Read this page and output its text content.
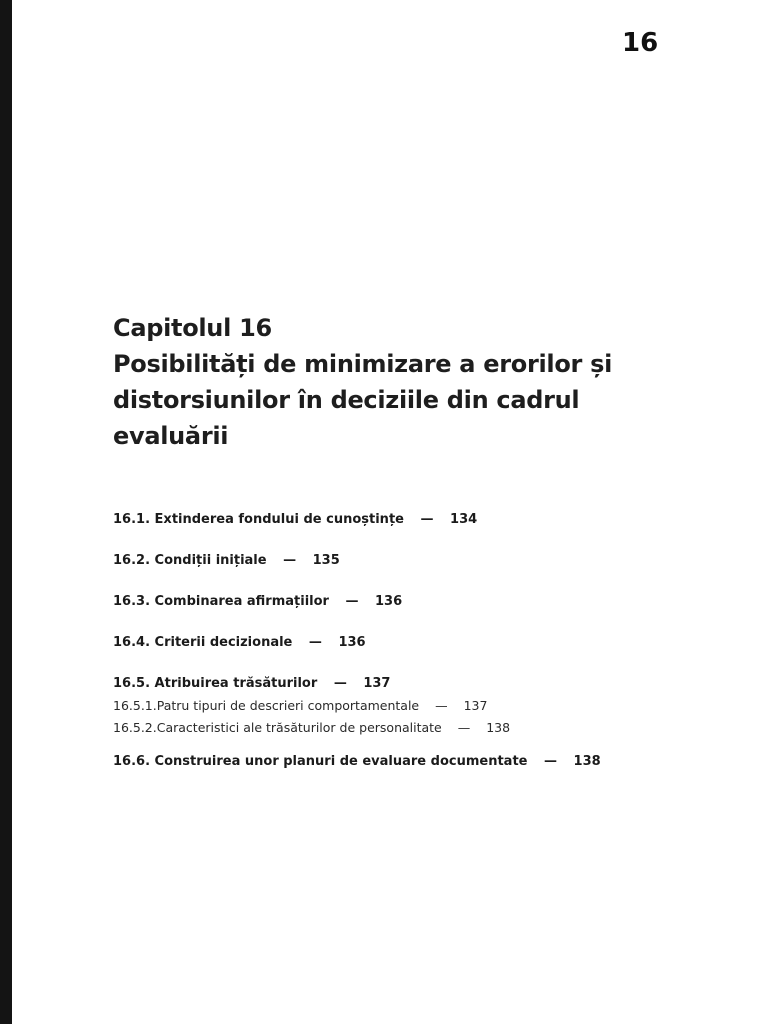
16
Capitolul 16
Posibilități de minimizare a erorilor și distorsiunilor în deciziile din cadrul evaluării
16.1. Extinderea fondului de cunoștințe — 134
16.2. Condiții inițiale — 135
16.3. Combinarea afirmațiilor — 136
16.4. Criterii decizionale — 136
16.5. Atribuirea trăsăturilor — 137
16.5.1.Patru tipuri de descrieri comportamentale — 137
16.5.2.Caracteristici ale trăsăturilor de personalitate — 138
16.6. Construirea unor planuri de evaluare documentate — 138
